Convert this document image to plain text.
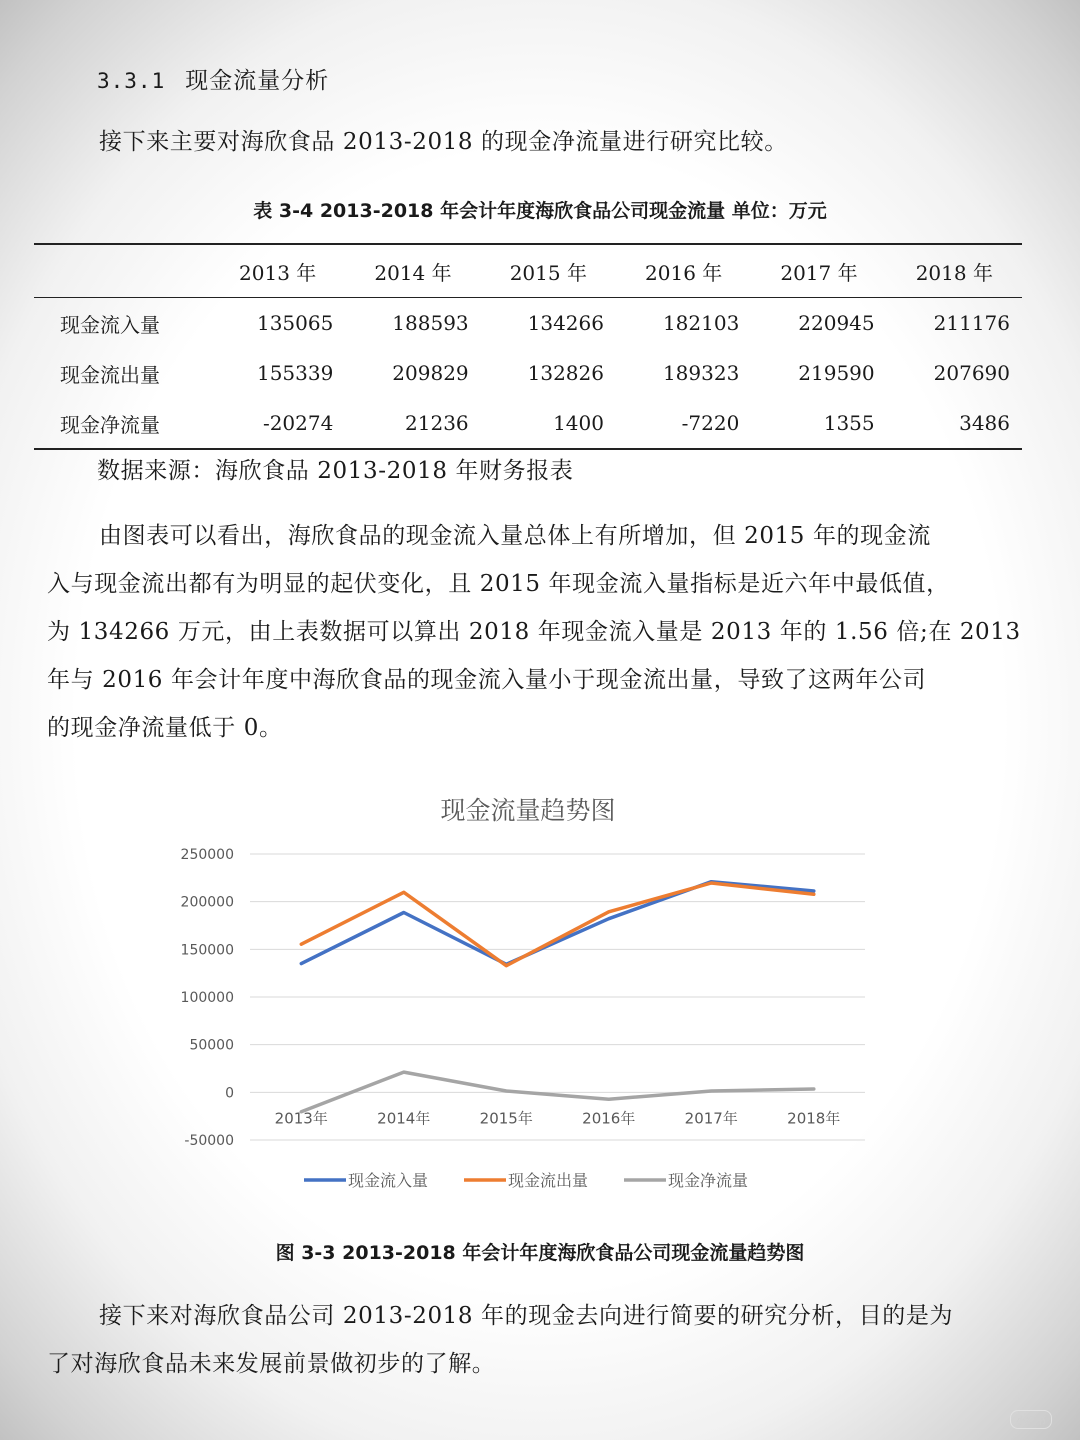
3.3.1 现金流量分析
接下来主要对海欣食品 2013-2018 的现金净流量进行研究比较。
表 3-4 2013-2018 年会计年度海欣食品公司现金流量 单位：万元
	2013 年	2014 年	2015 年	2016 年	2017 年	2018 年
现金流入量	135065	188593	134266	182103	220945	211176
现金流出量	155339	209829	132826	189323	219590	207690
现金净流量	-20274	21236	1400	-7220	1355	3486
数据来源：海欣食品 2013-2018 年财务报表
由图表可以看出，海欣食品的现金流入量总体上有所增加，但 2015 年的现金流
入与现金流出都有为明显的起伏变化，且 2015 年现金流入量指标是近六年中最低值，
为 134266 万元，由上表数据可以算出 2018 年现金流入量是 2013 年的 1.56 倍;在 2013
年与 2016 年会计年度中海欣食品的现金流入量小于现金流出量，导致了这两年公司
的现金净流量低于 0。
现金流量趋势图
250000
200000
150000
100000
50000
0
-50000
2013年	2014年	2015年	2016年	2017年	2018年
现金流入量	现金流出量	现金净流量
图 3-3 2013-2018 年会计年度海欣食品公司现金流量趋势图
接下来对海欣食品公司 2013-2018 年的现金去向进行简要的研究分析，目的是为
了对海欣食品未来发展前景做初步的了解。
小红书
